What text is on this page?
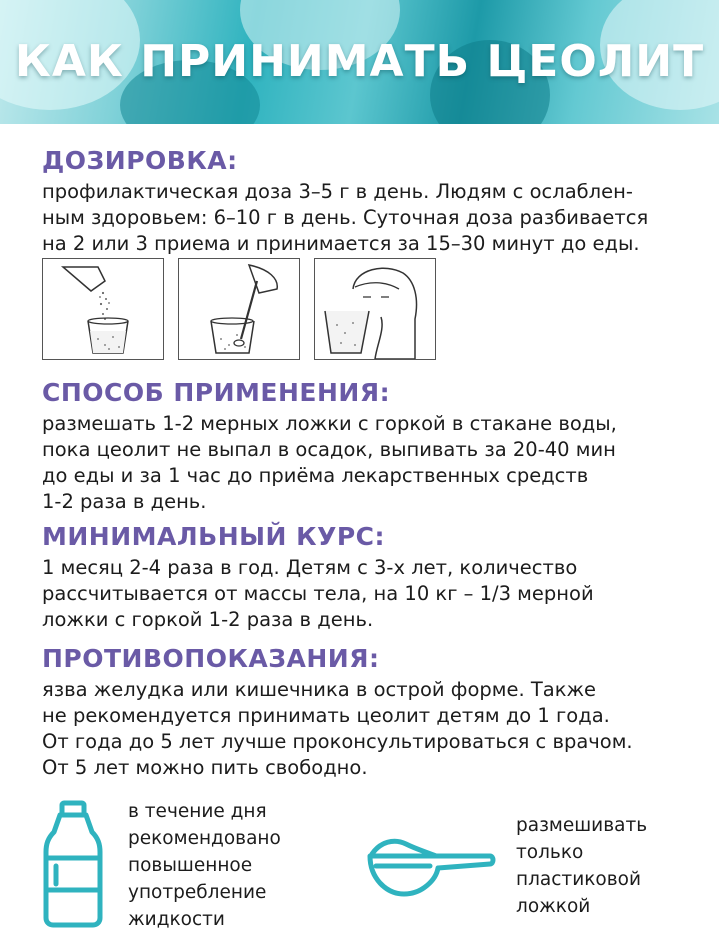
КАК ПРИНИМАТЬ ЦЕОЛИТ
ДОЗИРОВКА:
профилактическая доза 3–5 г в день. Людям с ослаблен-
ным здоровьем: 6–10 г в день. Суточная доза разбивается
на 2 или 3 приема и принимается за 15–30 минут до еды.
СПОСОБ ПРИМЕНЕНИЯ:
размешать 1-2 мерных ложки с горкой в стакане воды,
пока цеолит не выпал в осадок, выпивать за 20-40 мин
до еды и за 1 час до приёма лекарственных средств
1-2 раза в день.
МИНИМАЛЬНЫЙ КУРС:
1 месяц 2-4 раза в год. Детям с 3-х лет, количество
рассчитывается от массы тела, на 10 кг – 1/3 мерной
ложки с горкой 1-2 раза в день.
ПРОТИВОПОКАЗАНИЯ:
язва желудка или кишечника в острой форме. Также
не рекомендуется принимать цеолит детям до 1 года.
От года до 5 лет лучше проконсультироваться с врачом.
От 5 лет можно пить свободно.
в течение дня
рекомендовано
повышенное
употребление
жидкости
размешивать
только
пластиковой
ложкой
